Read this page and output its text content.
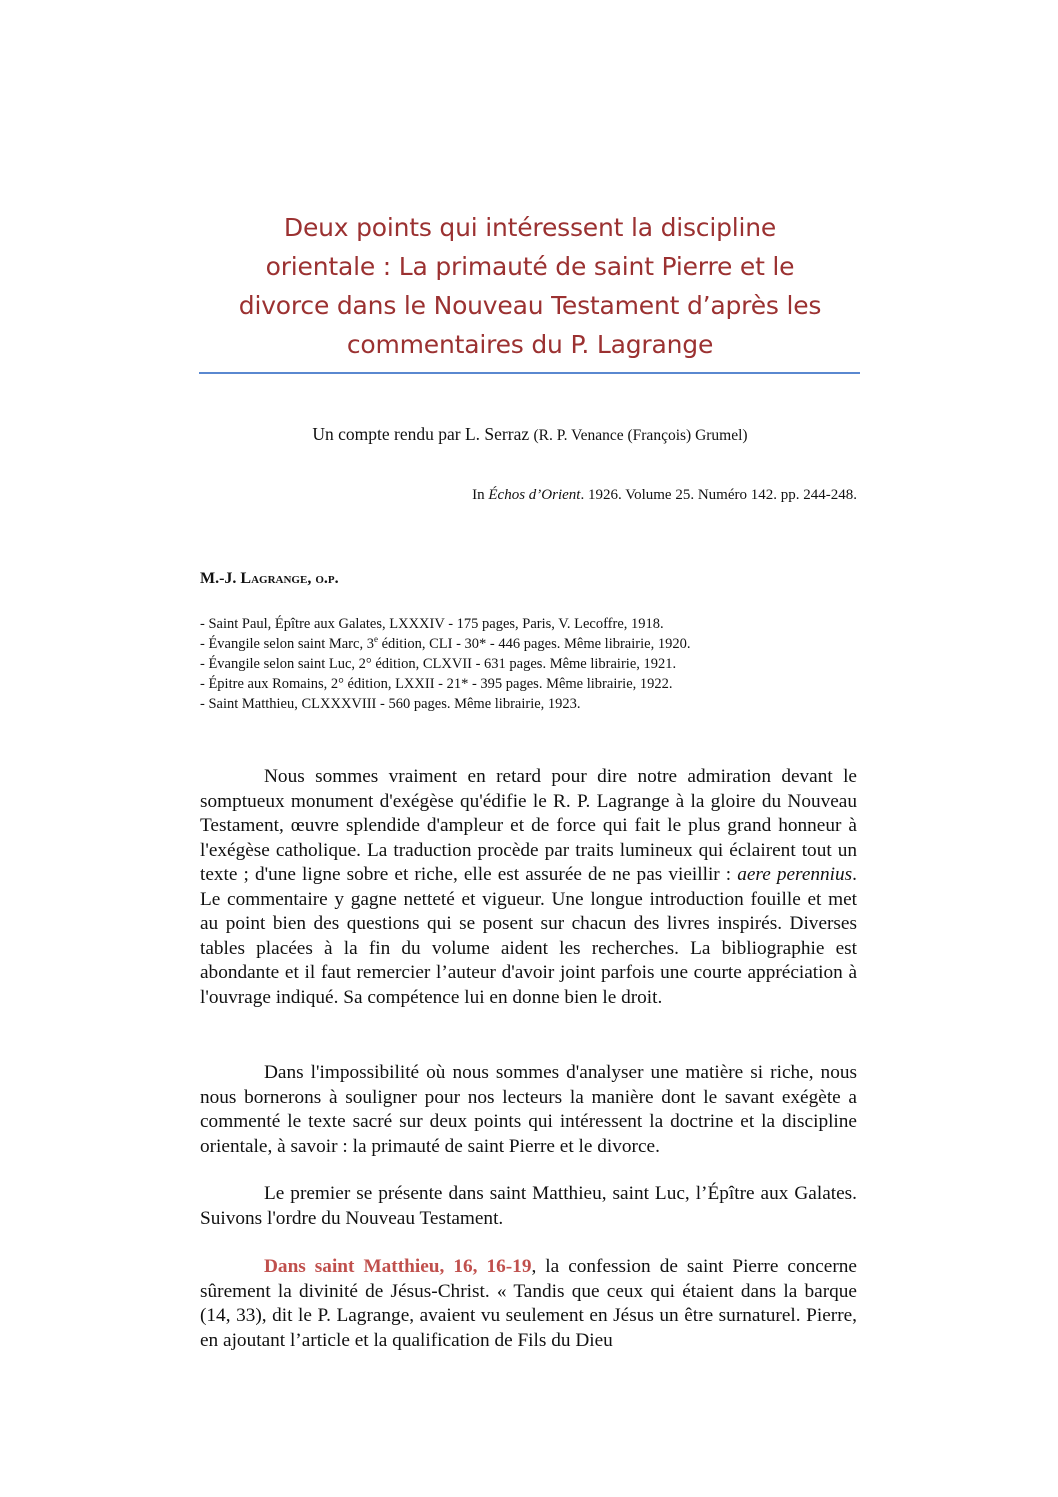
Deux points qui intéressent la discipline
orientale : La primauté de saint Pierre et le
divorce dans le Nouveau Testament d’après les
commentaires du P. Lagrange
Un compte rendu par L. Serraz (R. P. Venance (François) Grumel)
In Échos d’Orient. 1926. Volume 25. Numéro 142. pp. 244-248.
M.-J. Lagrange, o.p.
- Saint Paul, Épître aux Galates, LXXXIV - 175 pages, Paris, V. Lecoffre, 1918.
- Évangile selon saint Marc, 3e édition, CLI - 30* - 446 pages. Même librairie, 1920.
- Évangile selon saint Luc, 2° édition, CLXVII - 631 pages. Même librairie, 1921.
- Épitre aux Romains, 2° édition, LXXII - 21* - 395 pages. Même librairie, 1922.
- Saint Matthieu, CLXXXVIII - 560 pages. Même librairie, 1923.

Nous sommes vraiment en retard pour dire notre admiration devant le somptueux monument d'exégèse qu'édifie le R. P. Lagrange à la gloire du Nouveau Testament, œuvre splendide d'ampleur et de force qui fait le plus grand honneur à l'exégèse catholique. La traduction procède par traits lumineux qui éclairent tout un texte ; d'une ligne sobre et riche, elle est assurée de ne pas vieillir : aere perennius. Le commentaire y gagne netteté et vigueur. Une longue introduction fouille et met au point bien des questions qui se posent sur chacun des livres inspirés. Diverses tables placées à la fin du volume aident les recherches. La bibliographie est abondante et il faut remercier l’auteur d'avoir joint parfois une courte appréciation à l'ouvrage indiqué. Sa compétence lui en donne bien le droit.

Dans l'impossibilité où nous sommes d'analyser une matière si riche, nous nous bornerons à souligner pour nos lecteurs la manière dont le savant exégète a commenté le texte sacré sur deux points qui intéressent la doctrine et la discipline orientale, à savoir : la primauté de saint Pierre et le divorce.

Le premier se présente dans saint Matthieu, saint Luc, l’Épître aux Galates. Suivons l'ordre du Nouveau Testament.

Dans saint Matthieu, 16, 16-19, la confession de saint Pierre concerne sûrement la divinité de Jésus-Christ. « Tandis que ceux qui étaient dans la barque (14, 33), dit le P. Lagrange, avaient vu seulement en Jésus un être surnaturel. Pierre, en ajoutant l’article et la qualification de Fils du Dieu
